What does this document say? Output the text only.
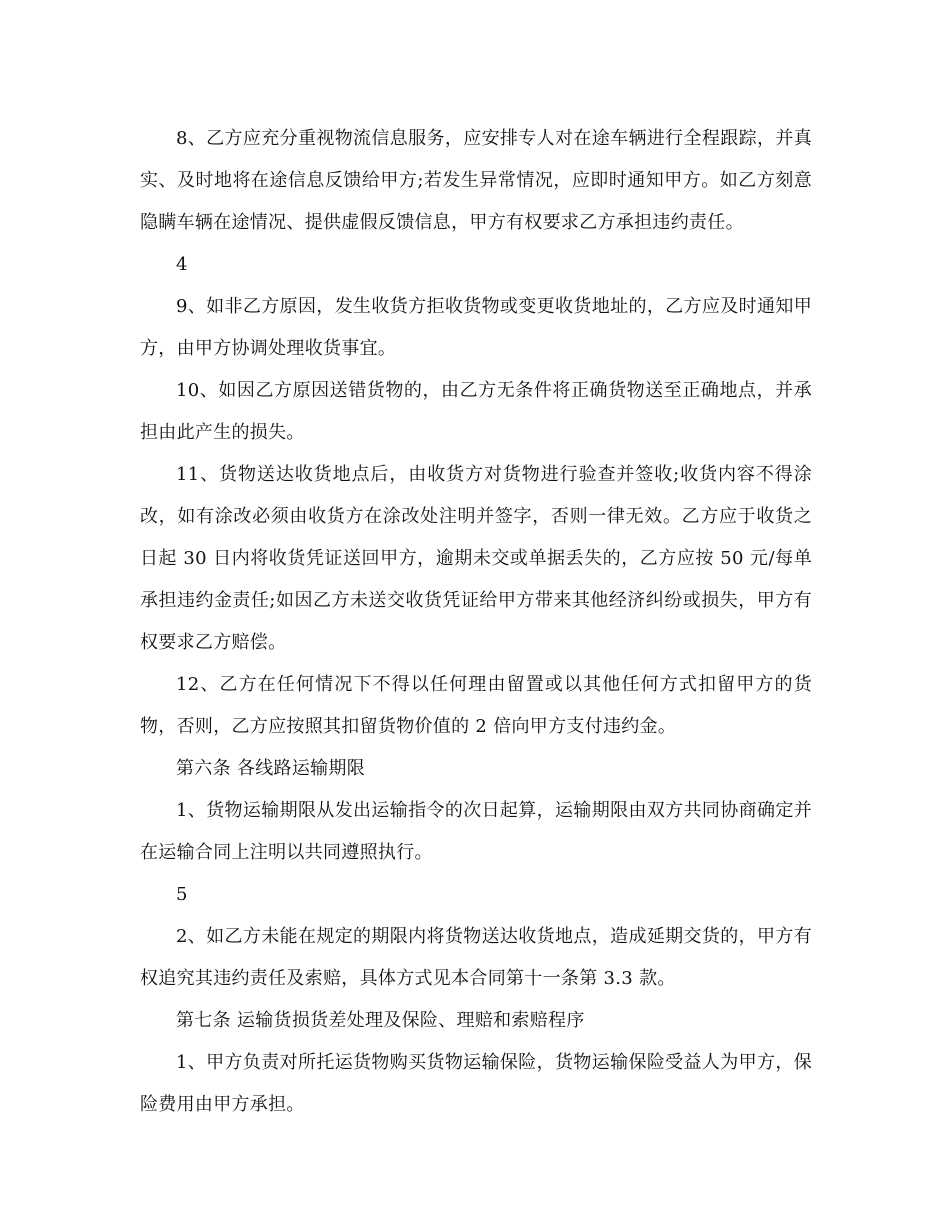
8、乙方应充分重视物流信息服务，应安排专人对在途车辆进行全程跟踪，并真实、及时地将在途信息反馈给甲方;若发生异常情况，应即时通知甲方。如乙方刻意隐瞒车辆在途情况、提供虚假反馈信息，甲方有权要求乙方承担违约责任。

4

9、如非乙方原因，发生收货方拒收货物或变更收货地址的，乙方应及时通知甲方，由甲方协调处理收货事宜。

10、如因乙方原因送错货物的，由乙方无条件将正确货物送至正确地点，并承担由此产生的损失。

11、货物送达收货地点后，由收货方对货物进行验查并签收;收货内容不得涂改，如有涂改必须由收货方在涂改处注明并签字，否则一律无效。乙方应于收货之日起 30 日内将收货凭证送回甲方，逾期未交或单据丢失的，乙方应按 50 元/每单承担违约金责任;如因乙方未送交收货凭证给甲方带来其他经济纠纷或损失，甲方有权要求乙方赔偿。

12、乙方在任何情况下不得以任何理由留置或以其他任何方式扣留甲方的货物，否则，乙方应按照其扣留货物价值的 2 倍向甲方支付违约金。

第六条 各线路运输期限

1、货物运输期限从发出运输指令的次日起算，运输期限由双方共同协商确定并在运输合同上注明以共同遵照执行。

5

2、如乙方未能在规定的期限内将货物送达收货地点，造成延期交货的，甲方有权追究其违约责任及索赔，具体方式见本合同第十一条第 3.3 款。

第七条 运输货损货差处理及保险、理赔和索赔程序

1、甲方负责对所托运货物购买货物运输保险，货物运输保险受益人为甲方，保险费用由甲方承担。
